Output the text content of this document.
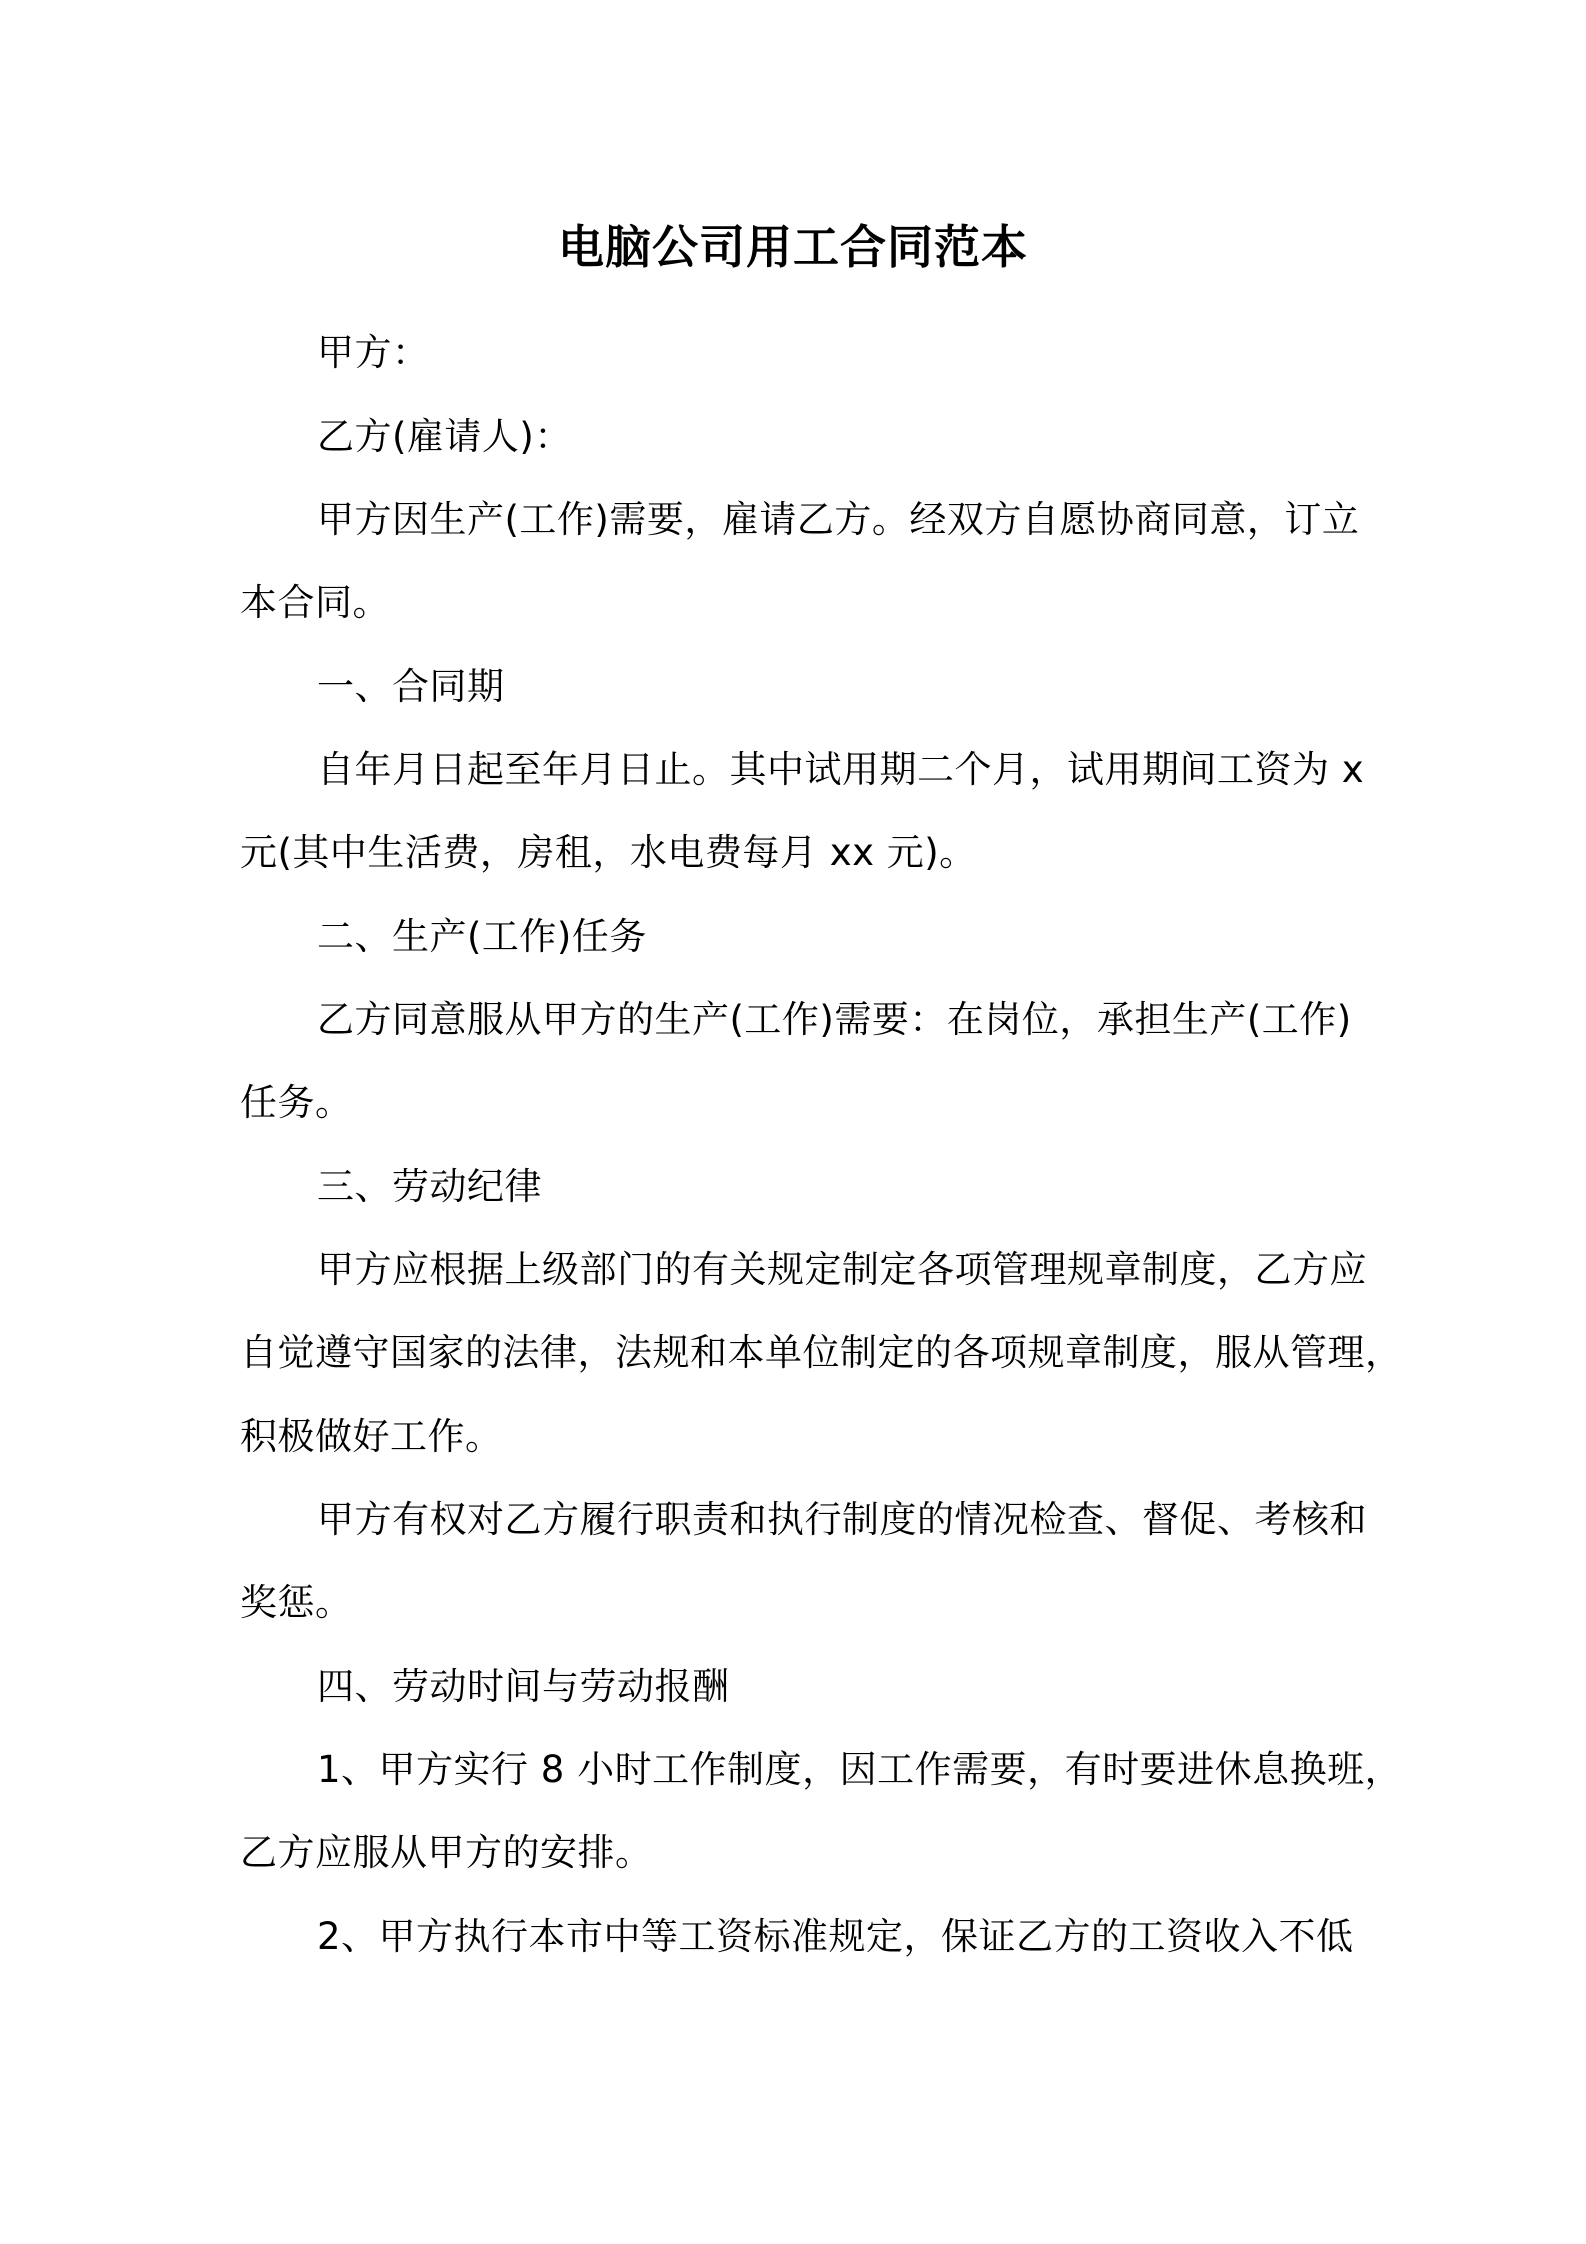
电脑公司用工合同范本
甲方：
乙方(雇请人)：
甲方因生产(工作)需要，雇请乙方。经双方自愿协商同意，订立
本合同。
一、合同期
自年月日起至年月日止。其中试用期二个月，试用期间工资为 x
元(其中生活费，房租，水电费每月 xx 元)。
二、生产(工作)任务
乙方同意服从甲方的生产(工作)需要：在岗位，承担生产(工作)
任务。
三、劳动纪律
甲方应根据上级部门的有关规定制定各项管理规章制度，乙方应
自觉遵守国家的法律，法规和本单位制定的各项规章制度，服从管理，
积极做好工作。
甲方有权对乙方履行职责和执行制度的情况检查、督促、考核和
奖惩。
四、劳动时间与劳动报酬
1、甲方实行 8 小时工作制度，因工作需要，有时要进休息换班，
乙方应服从甲方的安排。
2、甲方执行本市中等工资标准规定，保证乙方的工资收入不低
